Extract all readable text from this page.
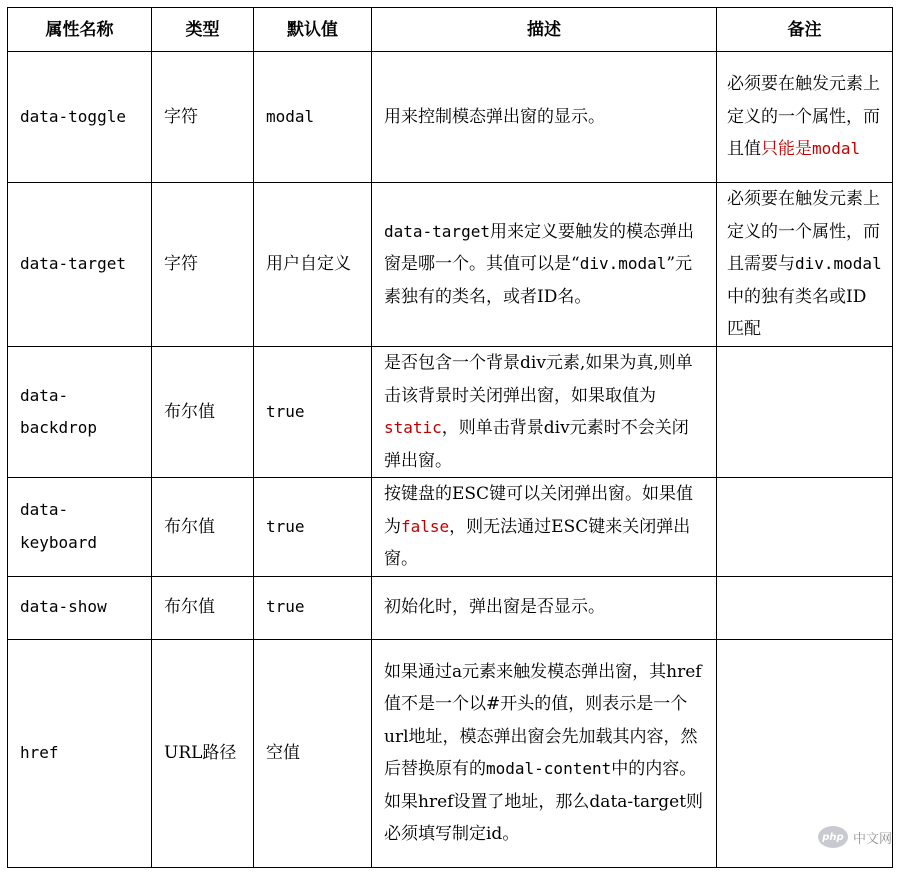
属性名称	类型	默认值	描述	备注
data-toggle	字符	modal	用来控制模态弹出窗的显示。	必须要在触发元素上定义的一个属性，而且值只能是modal
data-target	字符	用户自定义	data-target用来定义要触发的模态弹出窗是哪一个。其值可以是“div.modal”元素独有的类名，或者ID名。	必须要在触发元素上定义的一个属性，而且需要与div.modal中的独有类名或ID匹配
data-backdrop	布尔值	true	是否包含一个背景div元素,如果为真,则单击该背景时关闭弹出窗，如果取值为static，则单击背景div元素时不会关闭弹出窗。	
data-keyboard	布尔值	true	按键盘的ESC键可以关闭弹出窗。如果值为false，则无法通过ESC键来关闭弹出窗。	
data-show	布尔值	true	初始化时，弹出窗是否显示。	
href	URL路径	空值	如果通过a元素来触发模态弹出窗，其href值不是一个以#开头的值，则表示是一个url地址，模态弹出窗会先加载其内容，然后替换原有的modal-content中的内容。如果href设置了地址，那么data-target则必须填写制定id。		php 中文网
